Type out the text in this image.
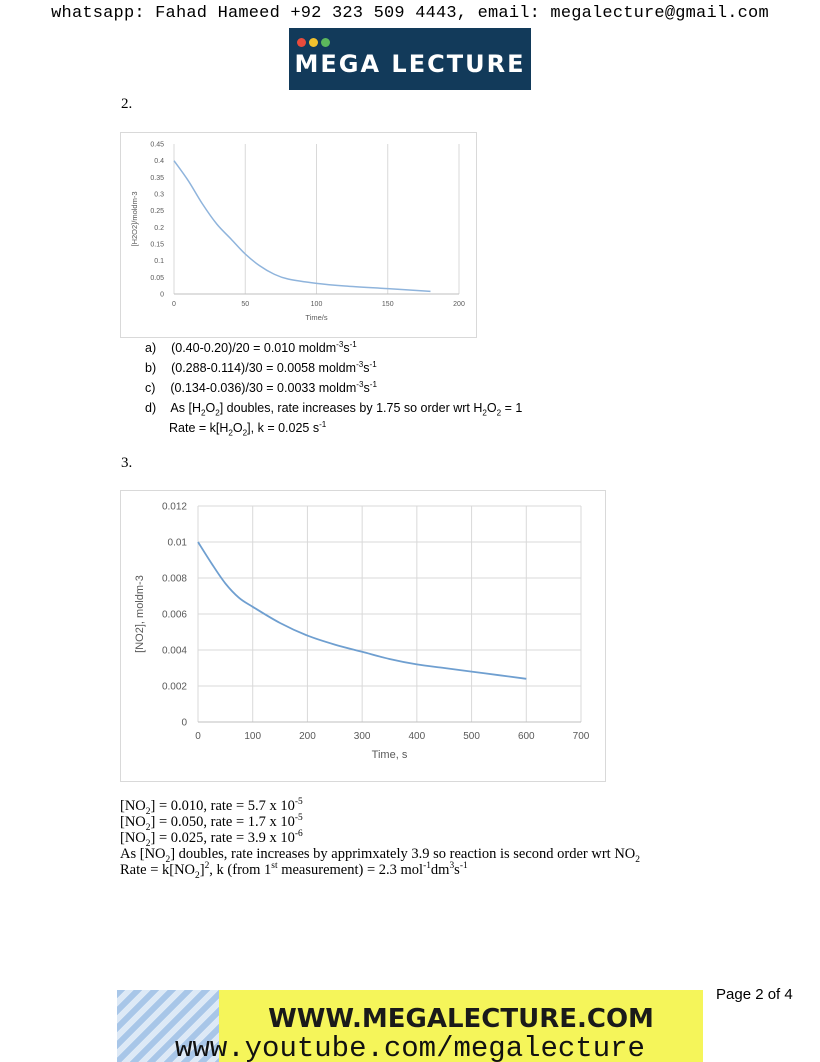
whatsapp: Fahad Hameed +92 323 509 4443, email: megalecture@gmail.com
MEGA LECTURE
2.
0	50	100	150	200
0
0.05
0.1
0.15
0.2
0.25
0.3
0.35
0.4
0.45
Time/s
[H2O2]/moldm-3
a) (0.40-0.20)/20 = 0.010 $moldm^{-3}s^{-1}$
b) (0.288-0.114)/30 = 0.0058 $moldm^{-3}s^{-1}$
c) (0.134-0.036)/30 = 0.0033 $moldm^{-3}s^{-1}$
d) As $[H_2O_2]$ doubles, rate increases by 1.75 so order wrt $H_2O_2 = 1$
Rate = $k[H_2O_2]$, k = 0.025 $s^{-1}$
3.
0	100	200	300	400	500	600	700
0
0.002
0.004
0.006
0.008
0.01
0.012
Time, s
[NO2], moldm-3
$[NO_2] = 0.010$, rate = 5.7 x $10^{-5}$
$[NO_2] = 0.050$, rate = 1.7 x $10^{-5}$
$[NO_2] = 0.025$, rate = 3.9 x $10^{-6}$
As $[NO_2]$ doubles, rate increases by apprimxately 3.9 so reaction is second order wrt $NO_2$
Rate = $k[NO_2]^2$, k (from 1st measurement) = 2.3 $mol^{-1}dm^3s^{-1}$
Page 2 of 4
WWW.MEGALECTURE.COM
www.youtube.com/megalecture
